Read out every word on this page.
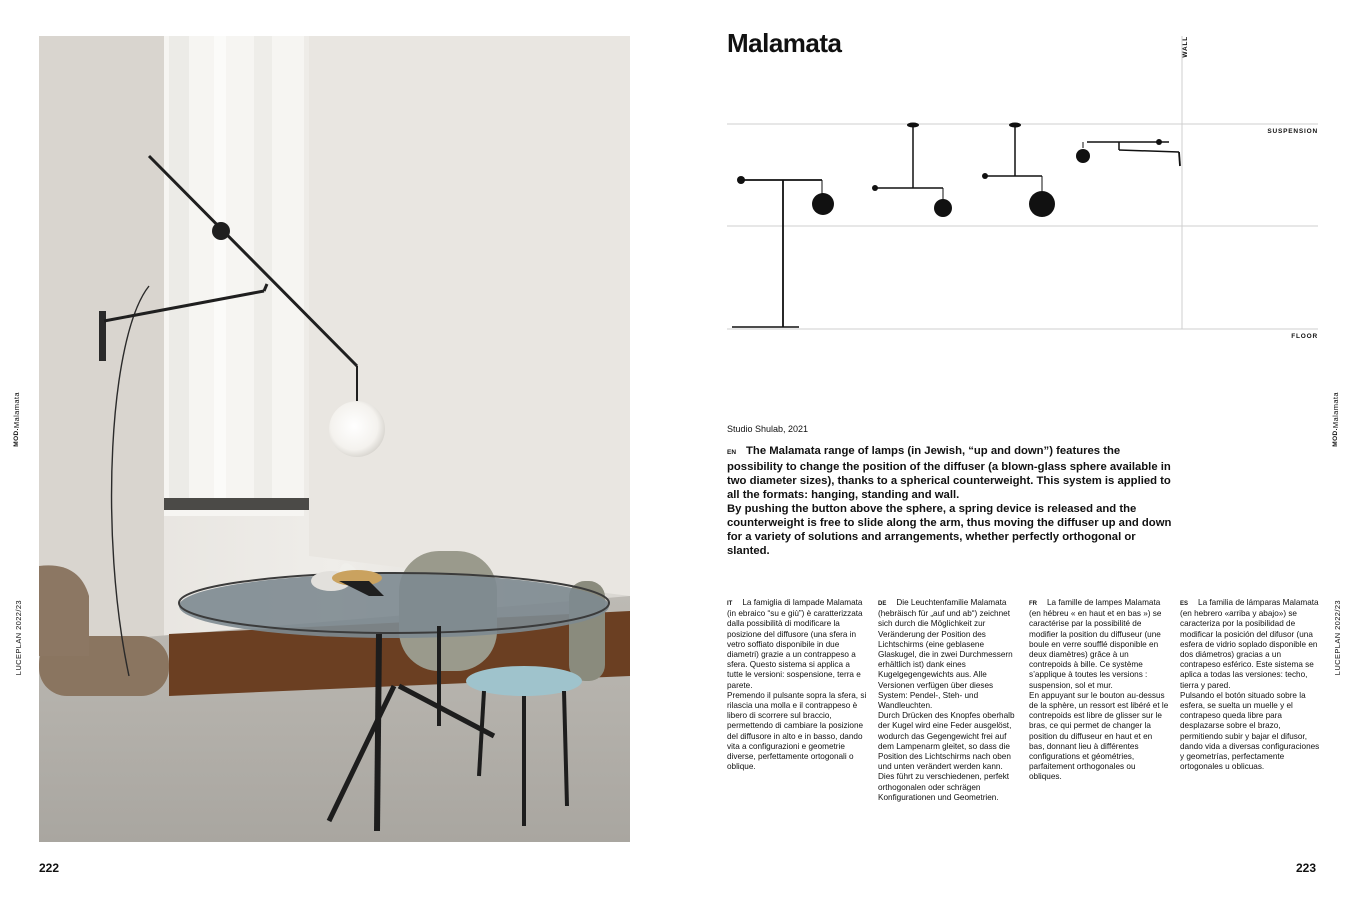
MOD.Malamata
LUCEPLAN 2022/23
222
Malamata	WALL
SUSPENSION
FLOOR
Studio Shulab, 2021

EN The Malamata range of lamps (in Jewish, “up and down”) features the possibility to change the position of the diffuser (a blown-glass sphere available in two diameter sizes), thanks to a spherical counterweight. This system is applied to all the formats: hanging, standing and wall.
By pushing the button above the sphere, a spring device is released and the counterweight is free to slide along the arm, thus moving the diffuser up and down for a variety of solutions and arrangements, whether perfectly orthogonal or slanted.

IT La famiglia di lampade Malamata (in ebraico “su e giù”) è caratterizzata dalla possibilità di modificare la posizione del diffusore (una sfera in vetro soffiato disponibile in due diametri) grazie a un contrappeso a sfera. Questo sistema si applica a tutte le versioni: sospensione, terra e parete.
Premendo il pulsante sopra la sfera, si rilascia una molla e il contrappeso è libero di scorrere sul braccio, permettendo di cambiare la posizione del diffusore in alto e in basso, dando vita a configurazioni e geometrie diverse, perfettamente ortogonali o oblique.

DE Die Leuchtenfamilie Malamata (hebräisch für „auf und ab“) zeichnet sich durch die Möglichkeit zur Veränderung der Position des Lichtschirms (eine geblasene Glaskugel, die in zwei Durchmessern erhältlich ist) dank eines Kugelgegengewichts aus. Alle Versionen verfügen über dieses System: Pendel-, Steh- und Wandleuchten.
Durch Drücken des Knopfes oberhalb der Kugel wird eine Feder ausgelöst, wodurch das Gegengewicht frei auf dem Lampenarm gleitet, so dass die Position des Lichtschirms nach oben und unten verändert werden kann. Dies führt zu verschiedenen, perfekt orthogonalen oder schrägen Konfigurationen und Geometrien.

FR La famille de lampes Malamata (en hébreu « en haut et en bas ») se caractérise par la possibilité de modifier la position du diffuseur (une boule en verre soufflé disponible en deux diamètres) grâce à un contrepoids à bille. Ce système s’applique à toutes les versions : suspension, sol et mur.
En appuyant sur le bouton au-dessus de la sphère, un ressort est libéré et le contrepoids est libre de glisser sur le bras, ce qui permet de changer la position du diffuseur en haut et en bas, donnant lieu à différentes configurations et géométries, parfaitement orthogonales ou obliques.

ES La familia de lámparas Malamata (en hebrero «arriba y abajo») se caracteriza por la posibilidad de modificar la posición del difusor (una esfera de vidrio soplado disponible en dos diámetros) gracias a un contrapeso esférico. Este sistema se aplica a todas las versiones: techo, tierra y pared.
Pulsando el botón situado sobre la esfera, se suelta un muelle y el contrapeso queda libre para desplazarse sobre el brazo, permitiendo subir y bajar el difusor, dando vida a diversas configuraciones y geometrías, perfectamente ortogonales u oblicuas.

MOD.Malamata
LUCEPLAN 2022/23
223
